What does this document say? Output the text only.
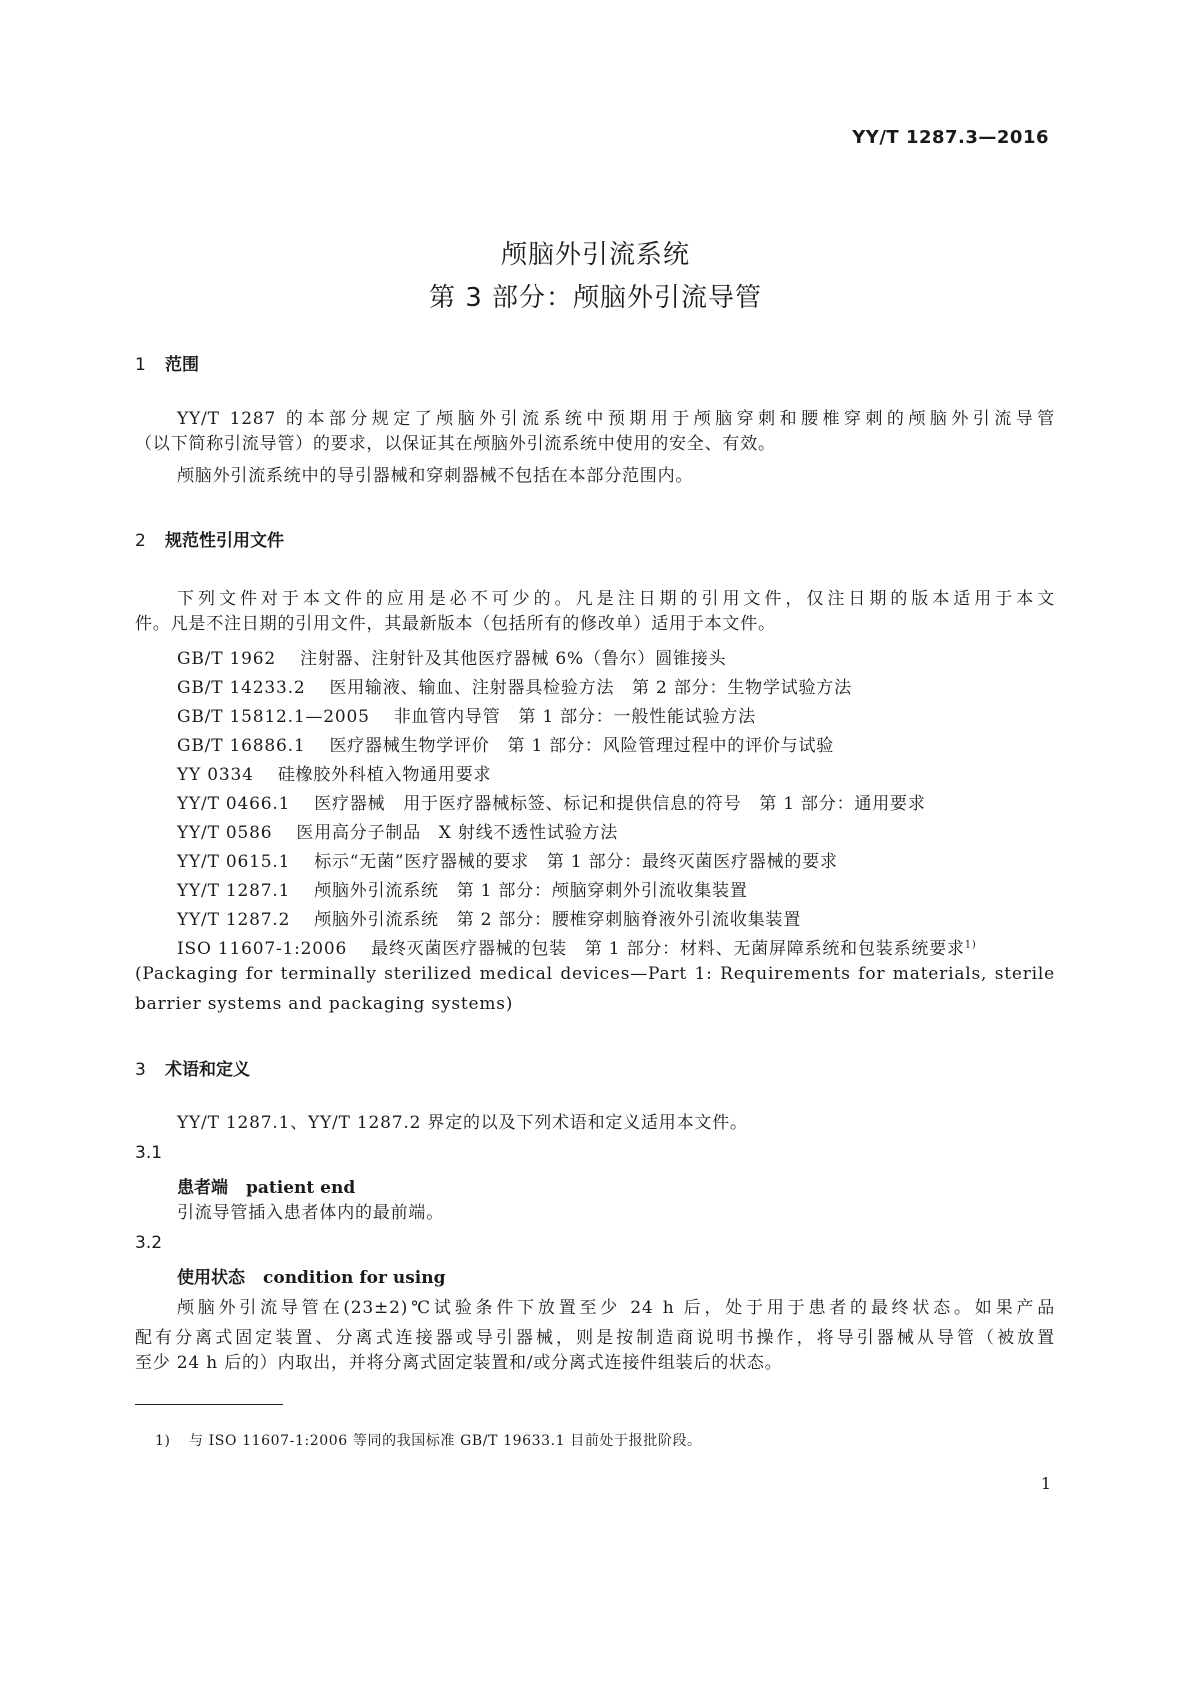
YY/T 1287.3—2016
颅脑外引流系统
第 3 部分：颅脑外引流导管
1 范围
YY/T 1287 的本部分规定了颅脑外引流系统中预期用于颅脑穿刺和腰椎穿刺的颅脑外引流导管
（以下简称引流导管）的要求，以保证其在颅脑外引流系统中使用的安全、有效。
颅脑外引流系统中的导引器械和穿刺器械不包括在本部分范围内。
2 规范性引用文件
下列文件对于本文件的应用是必不可少的。凡是注日期的引用文件，仅注日期的版本适用于本文
件。凡是不注日期的引用文件，其最新版本（包括所有的修改单）适用于本文件。
GB/T 1962 注射器、注射针及其他医疗器械 6%（鲁尔）圆锥接头
GB/T 14233.2 医用输液、输血、注射器具检验方法　第 2 部分：生物学试验方法
GB/T 15812.1—2005 非血管内导管　第 1 部分：一般性能试验方法
GB/T 16886.1 医疗器械生物学评价　第 1 部分：风险管理过程中的评价与试验
YY 0334 硅橡胶外科植入物通用要求
YY/T 0466.1 医疗器械　用于医疗器械标签、标记和提供信息的符号　第 1 部分：通用要求
YY/T 0586 医用高分子制品　X 射线不透性试验方法
YY/T 0615.1 标示“无菌”医疗器械的要求　第 1 部分：最终灭菌医疗器械的要求
YY/T 1287.1 颅脑外引流系统　第 1 部分：颅脑穿刺外引流收集装置
YY/T 1287.2 颅脑外引流系统　第 2 部分：腰椎穿刺脑脊液外引流收集装置
ISO 11607-1:2006 最终灭菌医疗器械的包装　第 1 部分：材料、无菌屏障系统和包装系统要求$^{1)}$
(Packaging for terminally sterilized medical devices—Part 1: Requirements for materials, sterile
barrier systems and packaging systems)
3 术语和定义
YY/T 1287.1、YY/T 1287.2 界定的以及下列术语和定义适用本文件。
3.1
患者端 patient end
引流导管插入患者体内的最前端。
3.2
使用状态 condition for using
颅脑外引流导管在(23±2)℃试验条件下放置至少 24 h 后，处于用于患者的最终状态。如果产品
配有分离式固定装置、分离式连接器或导引器械，则是按制造商说明书操作，将导引器械从导管（被放置
至少 24 h 后的）内取出，并将分离式固定装置和/或分离式连接件组装后的状态。
1) 与 ISO 11607-1:2006 等同的我国标准 GB/T 19633.1 目前处于报批阶段。
1
